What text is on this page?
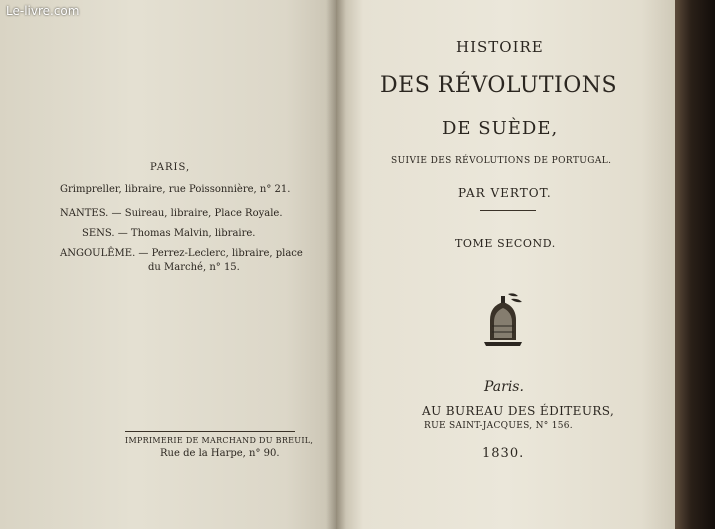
Le-livre.com
PARIS,
Grimpreller, libraire, rue Poissonnière, n° 21.
NANTES. — Suireau, libraire, Place Royale.
SENS. — Thomas Malvin, libraire.
ANGOULÊME. — Perrez-Leclerc, libraire, place
du Marché, n° 15.
IMPRIMERIE DE MARCHAND DU BREUIL,
Rue de la Harpe, n° 90.
HISTOIRE
DES RÉVOLUTIONS
DE SUÈDE,
SUIVIE DES RÉVOLUTIONS DE PORTUGAL.
PAR VERTOT.
TOME SECOND.
Paris.
AU BUREAU DES ÉDITEURS,
RUE SAINT-JACQUES, N° 156.
1830.
